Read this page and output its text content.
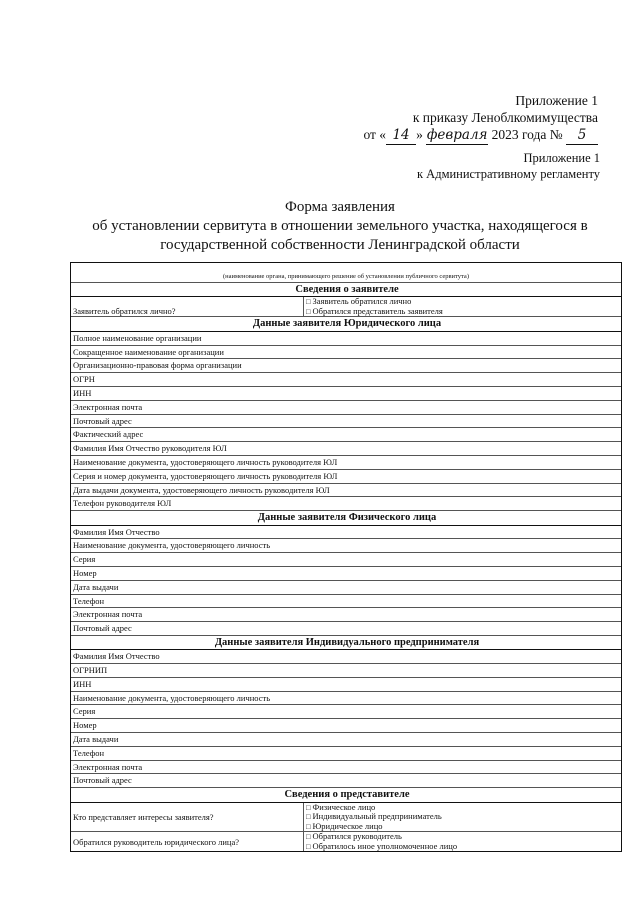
Приложение 1
к приказу Леноблкомимущества
от « 14 » февраля 2023 года № 5
Приложение 1
к Административному регламенту
Форма заявления
об установлении сервитута в отношении земельного участка, находящегося в
государственной собственности Ленинградской области
(наименование органа, принимающего решение об установлении публичного сервитута)
Сведения о заявителе
Заявитель обратился лично?
□ Заявитель обратился лично
□ Обратился представитель заявителя
Данные заявителя Юридического лица
Полное наименование организации
Сокращенное наименование организации
Организационно-правовая форма организации
ОГРН
ИНН
Электронная почта
Почтовый адрес
Фактический адрес
Фамилия Имя Отчество руководителя ЮЛ
Наименование документа, удостоверяющего личность руководителя ЮЛ
Серия и номер документа, удостоверяющего личность руководителя ЮЛ
Дата выдачи документа, удостоверяющего личность руководителя ЮЛ
Телефон руководителя ЮЛ
Данные заявителя Физического лица
Фамилия Имя Отчество
Наименование документа, удостоверяющего личность
Серия
Номер
Дата выдачи
Телефон
Электронная почта
Почтовый адрес
Данные заявителя Индивидуального предпринимателя
Фамилия Имя Отчество
ОГРНИП
ИНН
Наименование документа, удостоверяющего личность
Серия
Номер
Дата выдачи
Телефон
Электронная почта
Почтовый адрес
Сведения о представителе
Кто представляет интересы заявителя?
□ Физическое лицо
□ Индивидуальный предприниматель
□ Юридическое лицо
Обратился руководитель юридического лица?
□ Обратился руководитель
□ Обратилось иное уполномоченное лицо
